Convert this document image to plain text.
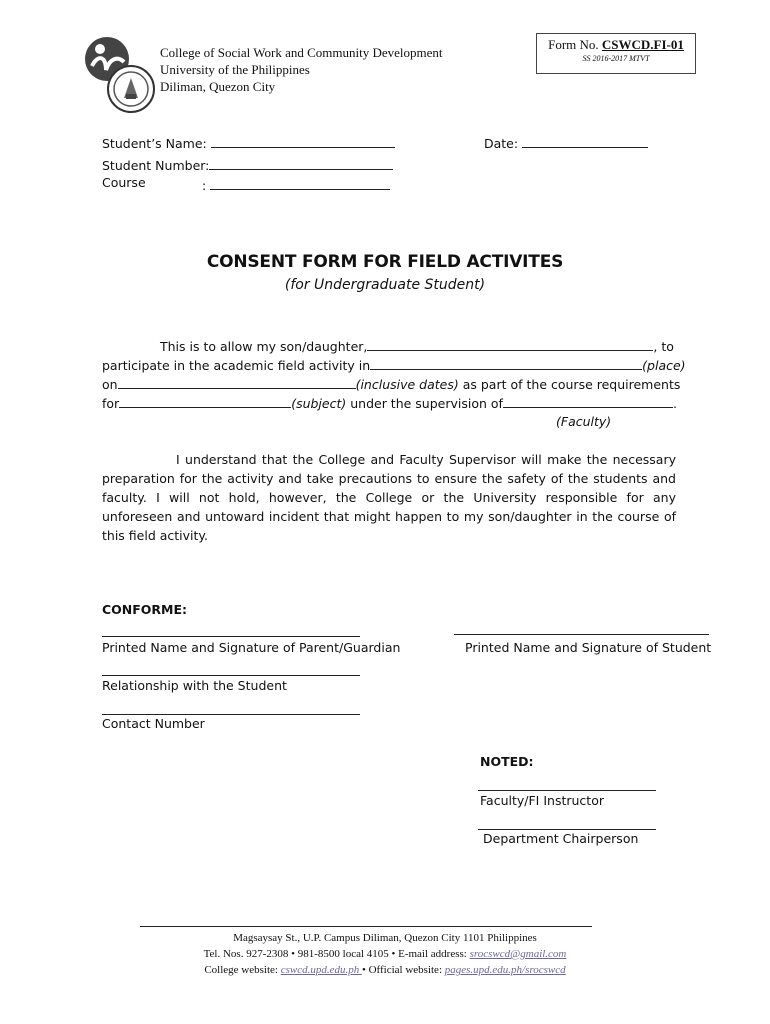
College of Social Work and Community Development
University of the Philippines
Diliman, Quezon City
Form No. CSWCD.FI-01
SS 2016-2017 MTVT
Student’s Name:	Date:
Student Number:
Course	:
CONSENT FORM FOR FIELD ACTIVITES
(for Undergraduate Student)
This is to allow my son/daughter,	, to
participate in the academic field activity in	(place)
on	(inclusive dates) as part of the course requirements
for	(subject) under the supervision of	.
(Faculty)
I understand that the College and Faculty Supervisor will make the necessary preparation for the activity and take precautions to ensure the safety of the students and faculty. I will not hold, however, the College or the University responsible for any unforeseen and untoward incident that might happen to my son/daughter in the course of this field activity.
CONFORME:
Printed Name and Signature of Parent/Guardian	Printed Name and Signature of Student
Relationship with the Student
Contact Number
NOTED:
Faculty/FI Instructor
Department Chairperson
Magsaysay St., U.P. Campus Diliman, Quezon City 1101 Philippines
Tel. Nos. 927-2308 • 981-8500 local 4105 • E-mail address: srocswcd@gmail.com
College website: cswcd.upd.edu.ph • Official website: pages.upd.edu.ph/srocswcd
